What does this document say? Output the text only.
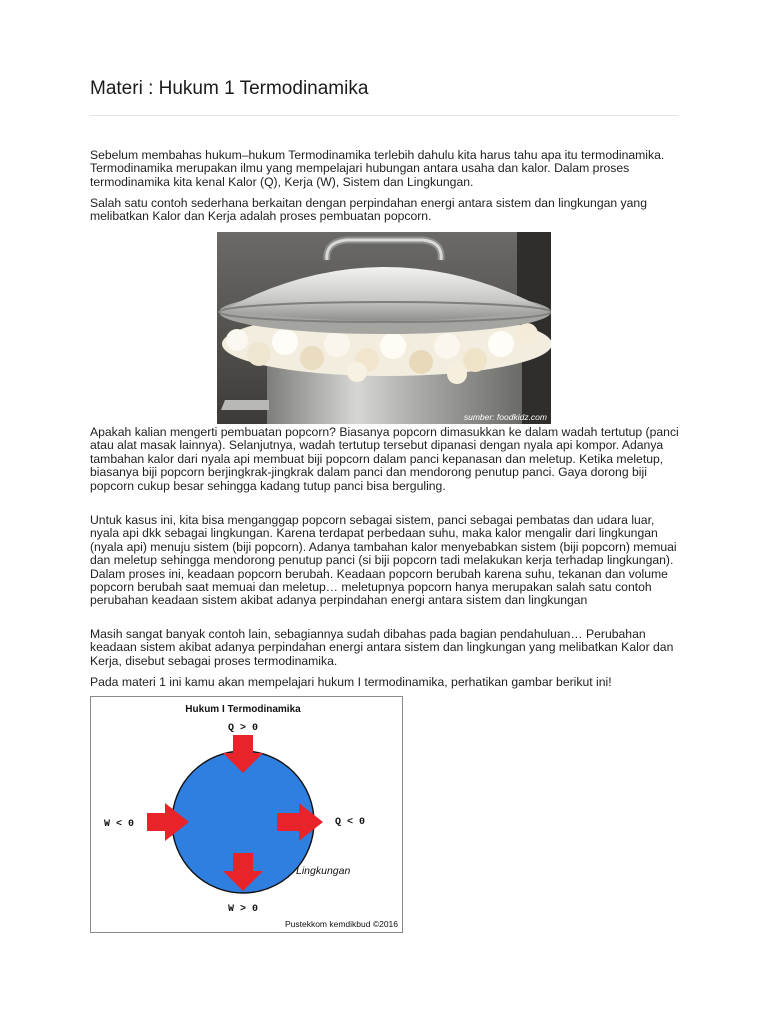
Materi : Hukum 1 Termodinamika

Sebelum membahas hukum–hukum Termodinamika terlebih dahulu kita harus tahu apa itu termodinamika. Termodinamika merupakan ilmu yang mempelajari hubungan antara usaha dan kalor. Dalam proses termodinamika kita kenal Kalor (Q), Kerja (W), Sistem dan Lingkungan.

Salah satu contoh sederhana berkaitan dengan perpindahan energi antara sistem dan lingkungan yang melibatkan Kalor dan Kerja adalah proses pembuatan popcorn.

sumber: foodkidz.com

Apakah kalian mengerti pembuatan popcorn? Biasanya popcorn dimasukkan ke dalam wadah tertutup (panci atau alat masak lainnya). Selanjutnya, wadah tertutup tersebut dipanasi dengan nyala api kompor. Adanya tambahan kalor dari nyala api membuat biji popcorn dalam panci kepanasan dan meletup. Ketika meletup, biasanya biji popcorn berjingkrak-jingkrak dalam panci dan mendorong penutup panci. Gaya dorong biji popcorn cukup besar sehingga kadang tutup panci bisa berguling.

Untuk kasus ini, kita bisa menganggap popcorn sebagai sistem, panci sebagai pembatas dan udara luar, nyala api dkk sebagai lingkungan. Karena terdapat perbedaan suhu, maka kalor mengalir dari lingkungan (nyala api) menuju sistem (biji popcorn). Adanya tambahan kalor menyebabkan sistem (biji popcorn) memuai dan meletup sehingga mendorong penutup panci (si biji popcorn tadi melakukan kerja terhadap lingkungan). Dalam proses ini, keadaan popcorn berubah. Keadaan popcorn berubah karena suhu, tekanan dan volume popcorn berubah saat memuai dan meletup… meletupnya popcorn hanya merupakan salah satu contoh perubahan keadaan sistem akibat adanya perpindahan energi antara sistem dan lingkungan

Masih sangat banyak contoh lain, sebagiannya sudah dibahas pada bagian pendahuluan… Perubahan keadaan sistem akibat adanya perpindahan energi antara sistem dan lingkungan yang melibatkan Kalor dan Kerja, disebut sebagai proses termodinamika.

Pada materi 1 ini kamu akan mempelajari hukum I termodinamika, perhatikan gambar berikut ini!

Hukum I Termodinamika
Q > 0
W < 0	Q < 0
Lingkungan
W > 0
Pustekkom kemdikbud ©2016
